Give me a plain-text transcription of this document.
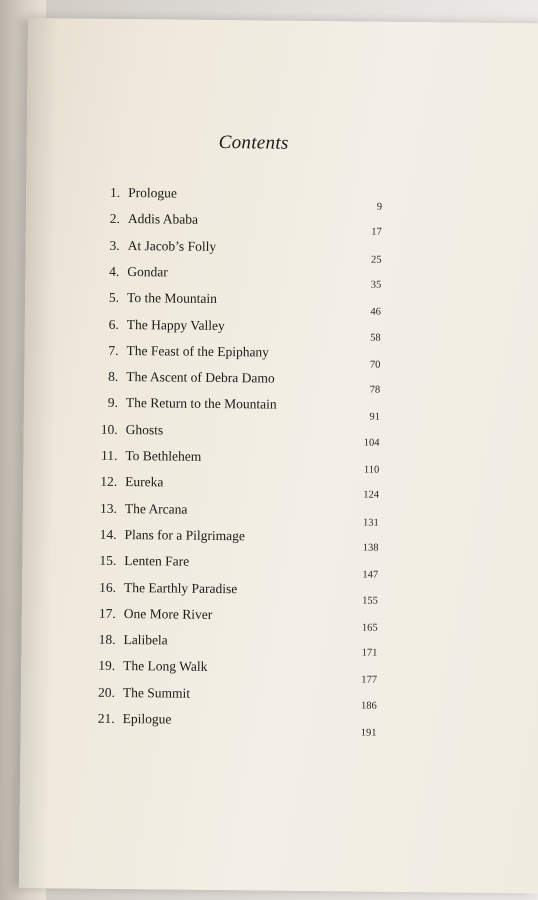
Contents
1. Prologue
9
2. Addis Ababa
17
3. At Jacob’s Folly
25
4. Gondar
35
5. To the Mountain
46
6. The Happy Valley
58
7. The Feast of the Epiphany
70
8. The Ascent of Debra Damo
78
9. The Return to the Mountain
91
10. Ghosts
104
11. To Bethlehem
110
12. Eureka
124
13. The Arcana
131
14. Plans for a Pilgrimage
138
15. Lenten Fare
147
16. The Earthly Paradise
155
17. One More River
165
18. Lalibela
171
19. The Long Walk
177
20. The Summit
186
21. Epilogue
191
